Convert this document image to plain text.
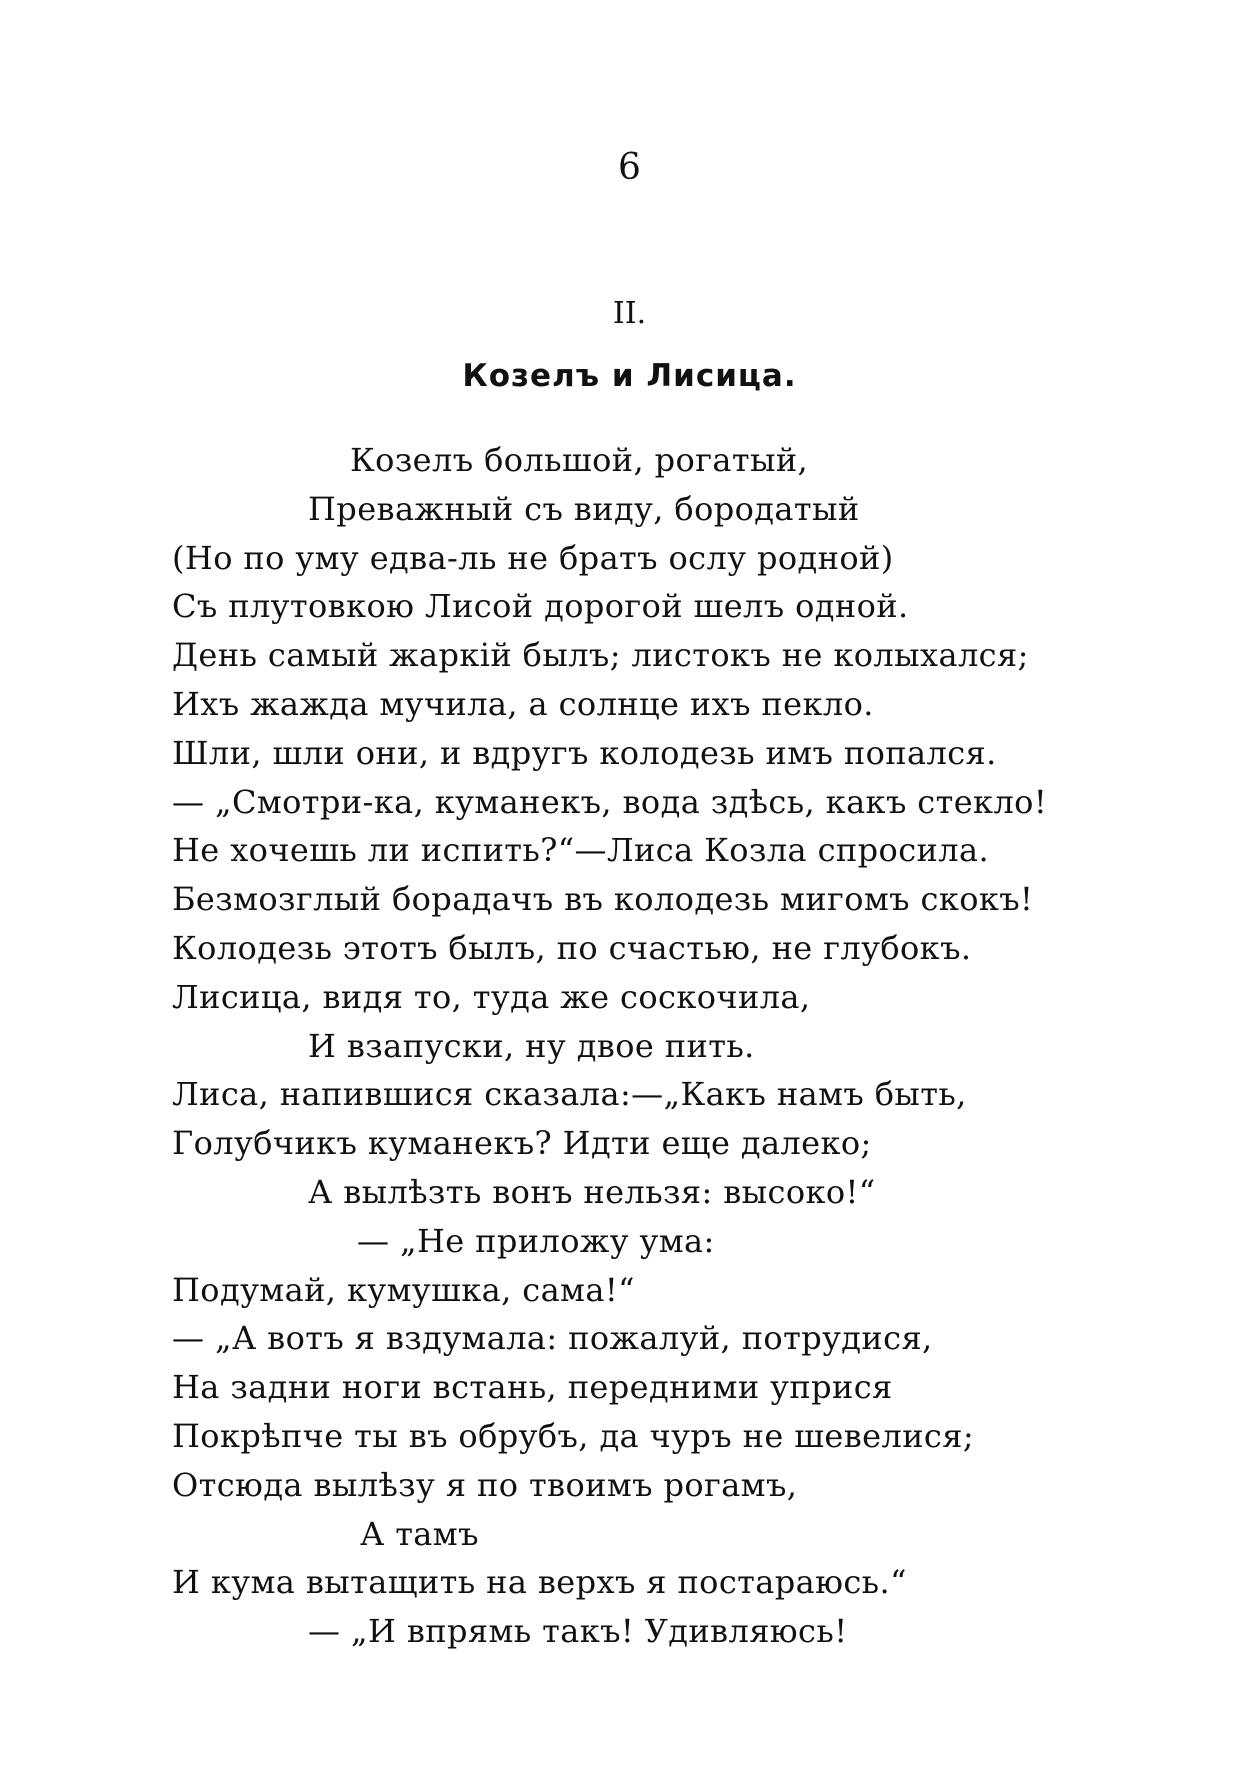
6
II.
Козелъ и Лисица.
Козелъ большой, рогатый,
Преважный съ виду, бородатый
(Но по уму едва-ль не братъ ослу родной)
Съ плутовкою Лисой дорогой шелъ одной.
День самый жаркій былъ; листокъ не колыхался;
Ихъ жажда мучила, а солнце ихъ пекло.
Шли, шли они, и вдругъ колодезь имъ попался.
— „Смотри-ка, куманекъ, вода здѣсь, какъ стекло!
Не хочешь ли испить?“—Лиса Козла спросила.
Безмозглый борадачъ въ колодезь мигомъ скокъ!
Колодезь этотъ былъ, по счастью, не глубокъ.
Лисица, видя то, туда же соскочила,
И взапуски, ну двое пить.
Лиса, напившися сказала:—„Какъ намъ быть,
Голубчикъ куманекъ? Идти еще далеко;
А вылѣзть вонъ нельзя: высоко!“
— „Не приложу ума:
Подумай, кумушка, сама!“
— „А вотъ я вздумала: пожалуй, потрудися,
На задни ноги встань, передними уприся
Покрѣпче ты въ обрубъ, да чуръ не шевелися;
Отсюда вылѣзу я по твоимъ рогамъ,
А тамъ
И кума вытащить на верхъ я постараюсь.“
— „И впрямь такъ! Удивляюсь!
